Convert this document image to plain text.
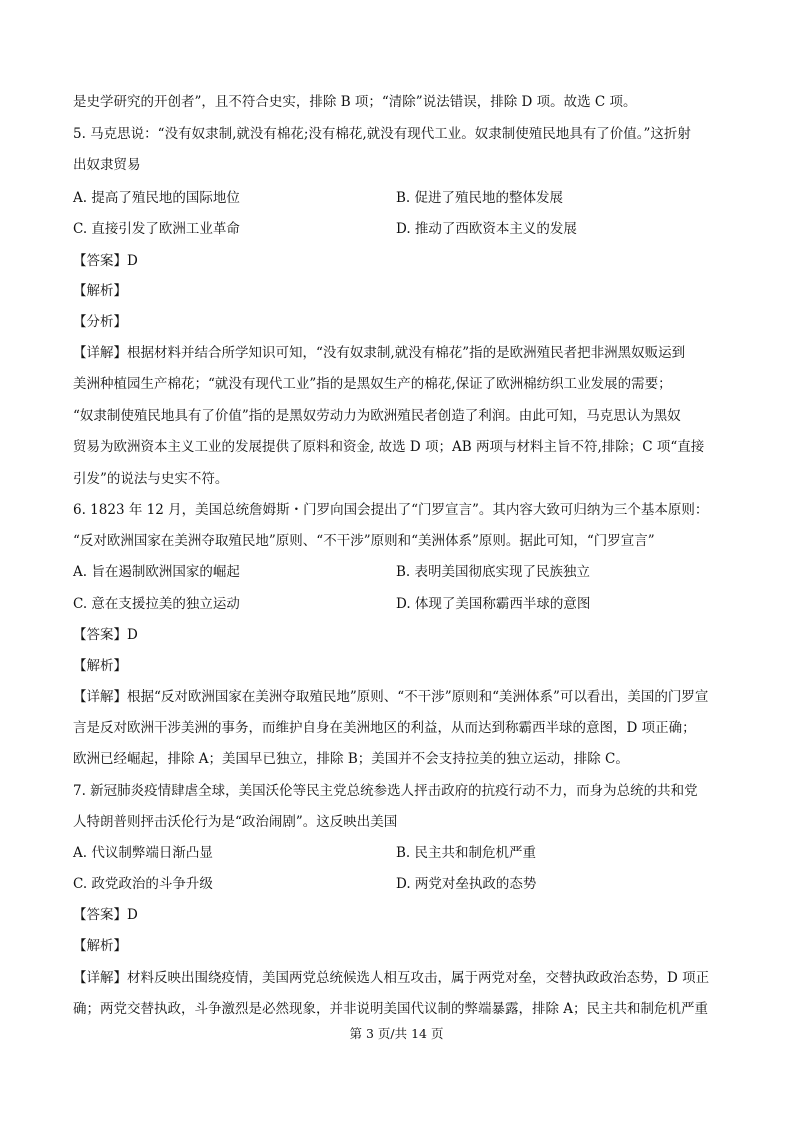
是史学研究的开创者”，且不符合史实，排除 B 项；“清除”说法错误，排除 D 项。故选 C 项。
5. 马克思说：“没有奴隶制,就没有棉花;没有棉花,就没有现代工业。奴隶制使殖民地具有了价值。”这折射
出奴隶贸易
A. 提高了殖民地的国际地位	B. 促进了殖民地的整体发展
C. 直接引发了欧洲工业革命	D. 推动了西欧资本主义的发展
【答案】D
【解析】
【分析】
【详解】根据材料并结合所学知识可知，“没有奴隶制,就没有棉花”指的是欧洲殖民者把非洲黑奴贩运到
美洲种植园生产棉花；“就没有现代工业”指的是黑奴生产的棉花,保证了欧洲棉纺织工业发展的需要；
“奴隶制使殖民地具有了价值”指的是黑奴劳动力为欧洲殖民者创造了利润。由此可知，马克思认为黑奴
贸易为欧洲资本主义工业的发展提供了原料和资金, 故选 D 项；AB 两项与材料主旨不符,排除；C 项“直接
引发”的说法与史实不符。
6. 1823 年 12 月，美国总统詹姆斯・门罗向国会提出了“门罗宣言”。其内容大致可归纳为三个基本原则：
“反对欧洲国家在美洲夺取殖民地”原则、“不干涉”原则和“美洲体系”原则。据此可知，“门罗宣言”
A. 旨在遏制欧洲国家的崛起	B. 表明美国彻底实现了民族独立
C. 意在支援拉美的独立运动	D. 体现了美国称霸西半球的意图
【答案】D
【解析】
【详解】根据“反对欧洲国家在美洲夺取殖民地”原则、“不干涉”原则和“美洲体系”可以看出，美国的门罗宣
言是反对欧洲干涉美洲的事务，而维护自身在美洲地区的利益，从而达到称霸西半球的意图，D 项正确；
欧洲已经崛起，排除 A；美国早已独立，排除 B；美国并不会支持拉美的独立运动，排除 C。
7. 新冠肺炎疫情肆虐全球，美国沃伦等民主党总统参选人抨击政府的抗疫行动不力，而身为总统的共和党
人特朗普则抨击沃伦行为是“政治闹剧”。这反映出美国
A. 代议制弊端日渐凸显	B. 民主共和制危机严重
C. 政党政治的斗争升级	D. 两党对垒执政的态势
【答案】D
【解析】
【详解】材料反映出围绕疫情，美国两党总统候选人相互攻击，属于两党对垒，交替执政政治态势，D 项正
确；两党交替执政，斗争激烈是必然现象，并非说明美国代议制的弊端暴露，排除 A；民主共和制危机严重
第 3 页/共 14 页
